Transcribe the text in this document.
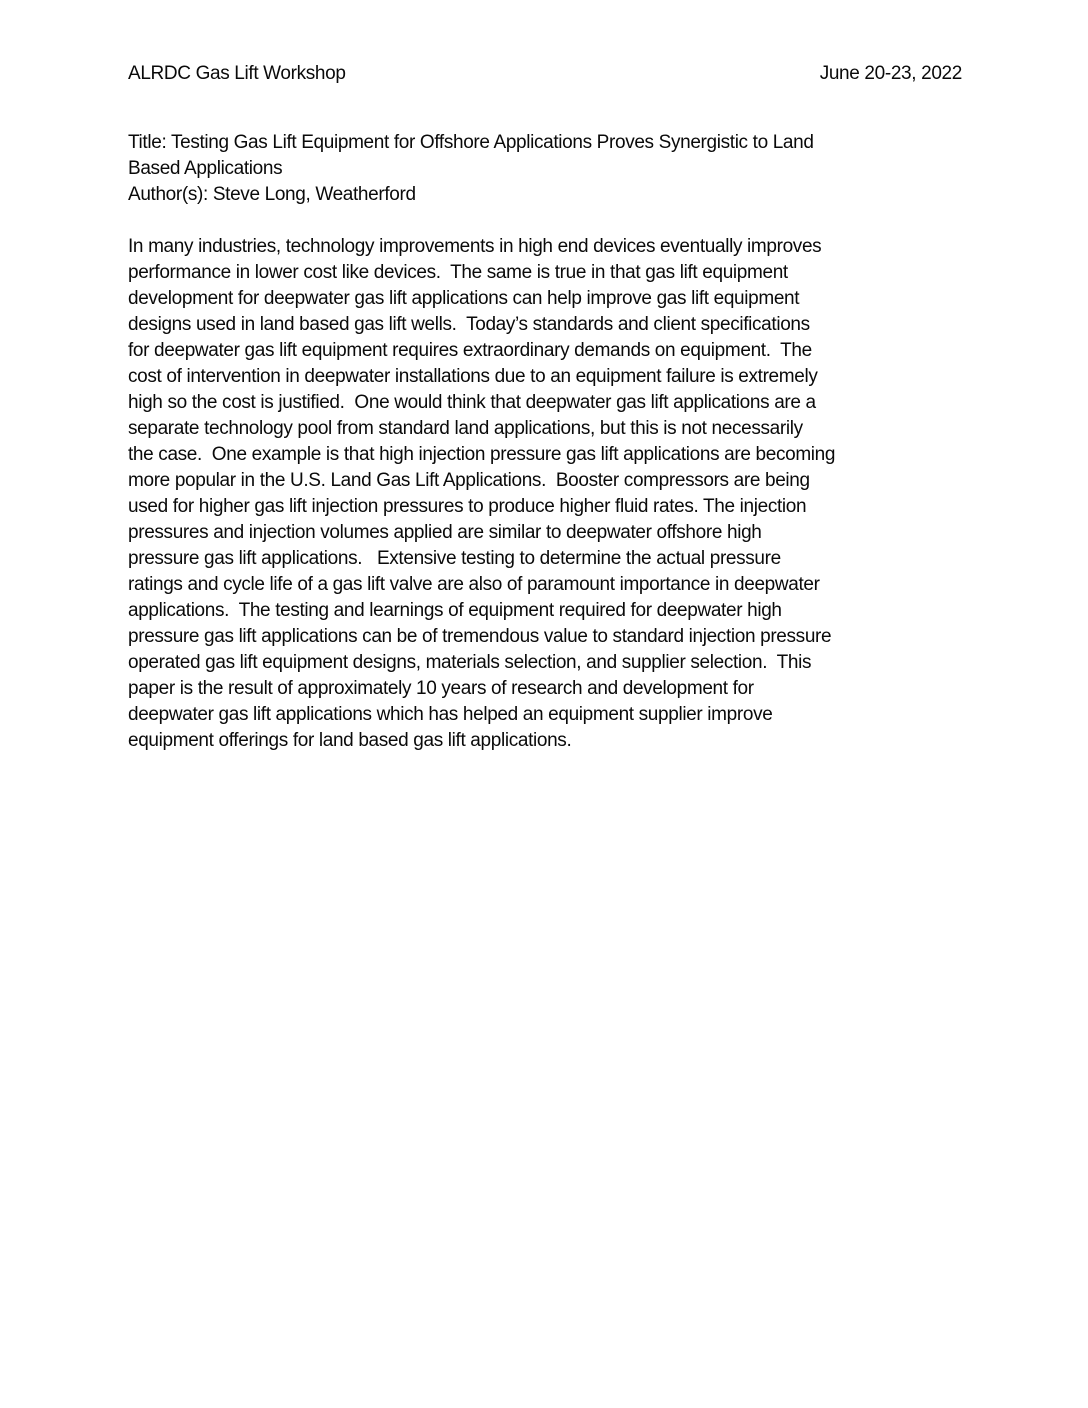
ALRDC Gas Lift Workshop	June 20-23, 2022
Title: Testing Gas Lift Equipment for Offshore Applications Proves Synergistic to Land
Based Applications
Author(s): Steve Long, Weatherford
In many industries, technology improvements in high end devices eventually improves
performance in lower cost like devices.  The same is true in that gas lift equipment
development for deepwater gas lift applications can help improve gas lift equipment
designs used in land based gas lift wells.  Today’s standards and client specifications
for deepwater gas lift equipment requires extraordinary demands on equipment.  The
cost of intervention in deepwater installations due to an equipment failure is extremely
high so the cost is justified.  One would think that deepwater gas lift applications are a
separate technology pool from standard land applications, but this is not necessarily
the case.  One example is that high injection pressure gas lift applications are becoming
more popular in the U.S. Land Gas Lift Applications.  Booster compressors are being
used for higher gas lift injection pressures to produce higher fluid rates. The injection
pressures and injection volumes applied are similar to deepwater offshore high
pressure gas lift applications.   Extensive testing to determine the actual pressure
ratings and cycle life of a gas lift valve are also of paramount importance in deepwater
applications.  The testing and learnings of equipment required for deepwater high
pressure gas lift applications can be of tremendous value to standard injection pressure
operated gas lift equipment designs, materials selection, and supplier selection.  This
paper is the result of approximately 10 years of research and development for
deepwater gas lift applications which has helped an equipment supplier improve
equipment offerings for land based gas lift applications.
